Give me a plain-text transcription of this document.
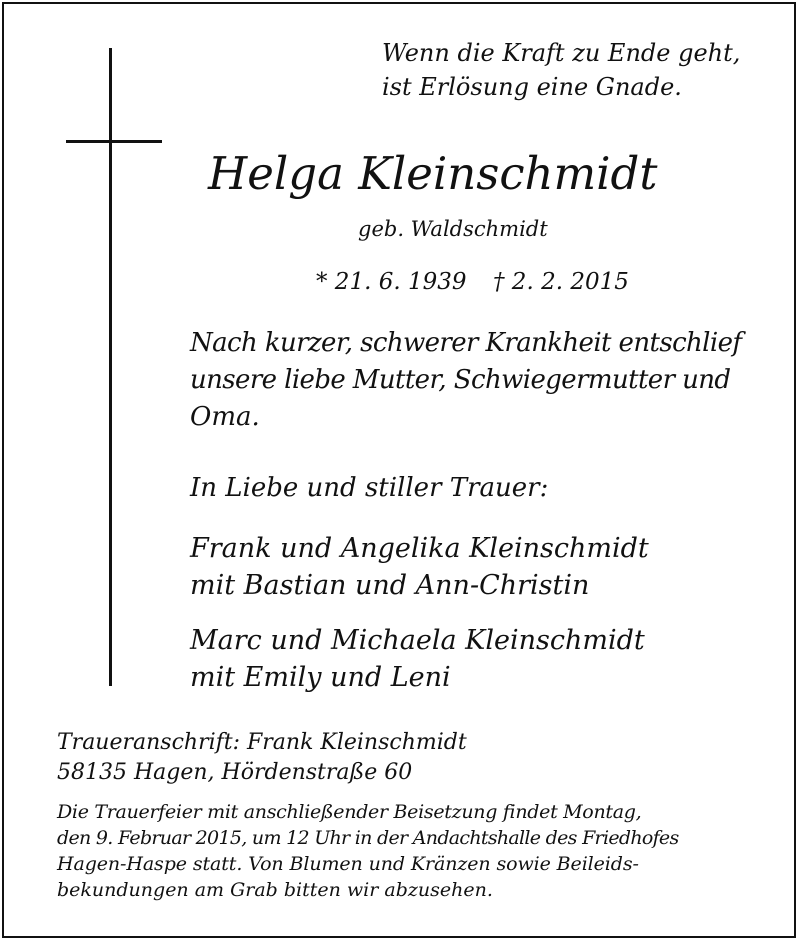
Wenn die Kraft zu Ende geht,
ist Erlösung eine Gnade.
Helga Kleinschmidt
geb. Waldschmidt
* 21. 6. 1939 † 2. 2. 2015
Nach kurzer, schwerer Krankheit entschlief
unsere liebe Mutter, Schwiegermutter und
Oma.
In Liebe und stiller Trauer:
Frank und Angelika Kleinschmidt
mit Bastian und Ann-Christin
Marc und Michaela Kleinschmidt
mit Emily und Leni
Traueranschrift: Frank Kleinschmidt
58135 Hagen, Hördenstraße 60
Die Trauerfeier mit anschließender Beisetzung findet Montag,
den 9. Februar 2015, um 12 Uhr in der Andachtshalle des Friedhofes
Hagen-Haspe statt. Von Blumen und Kränzen sowie Beileids-
bekundungen am Grab bitten wir abzusehen.
